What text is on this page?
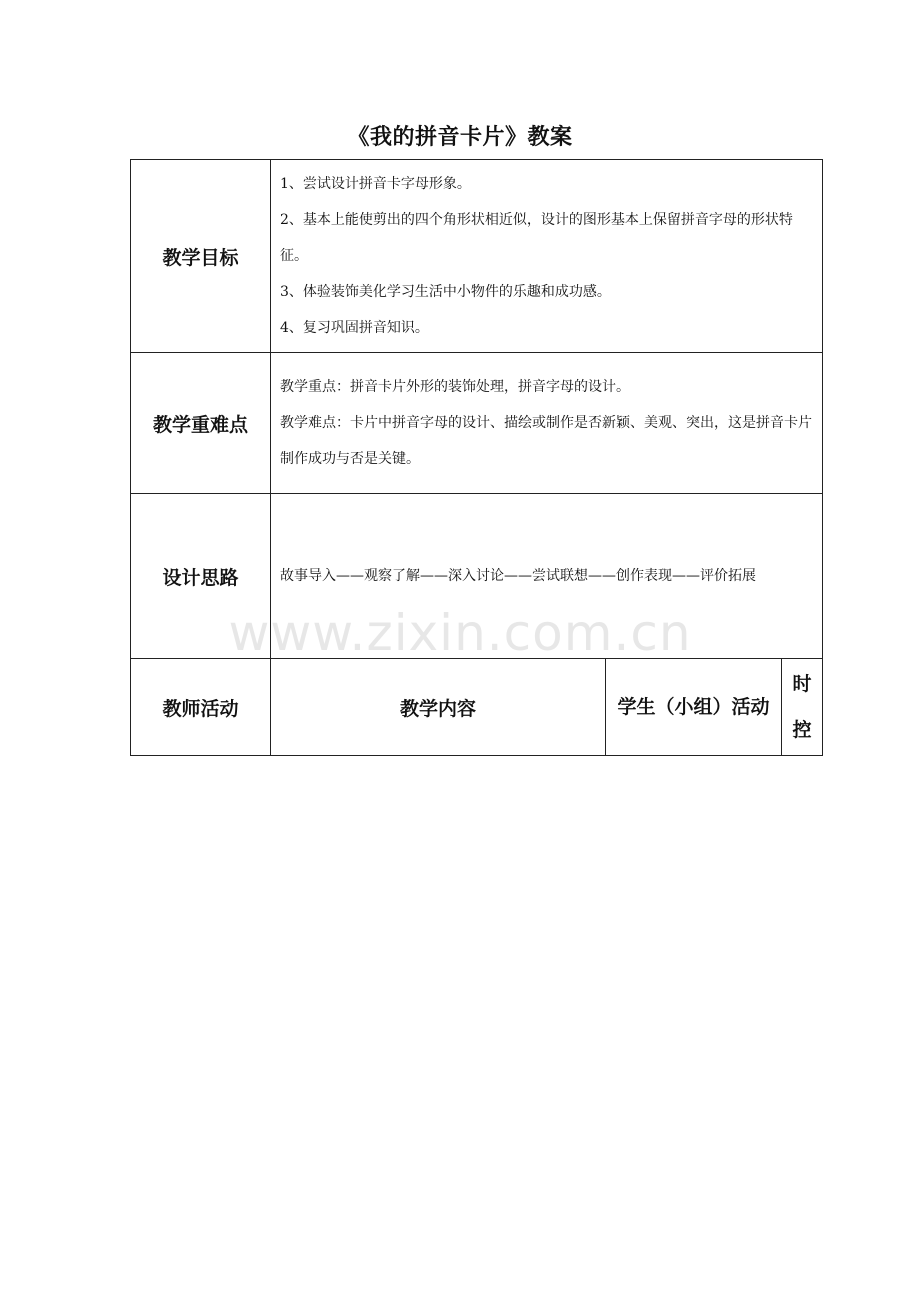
《我的拼音卡片》教案
教学目标	1、尝试设计拼音卡字母形象。

2、基本上能使剪出的四个角形状相近似，设计的图形基本上保留拼音字母的形状特征。

3、体验装饰美化学习生活中小物件的乐趣和成功感。

4、复习巩固拼音知识。		

教学重难点	教学重点：拼音卡片外形的装饰处理，拼音字母的设计。

教学难点：卡片中拼音字母的设计、描绘或制作是否新颖、美观、突出，这是拼音卡片制作成功与否是关键。		

设计思路	故事导入——观察了解——深入讨论——尝试联想——创作表现——评价拓展		

教师活动	教学内容	学生（小组）活动	时控
www.zixin.com.cn
